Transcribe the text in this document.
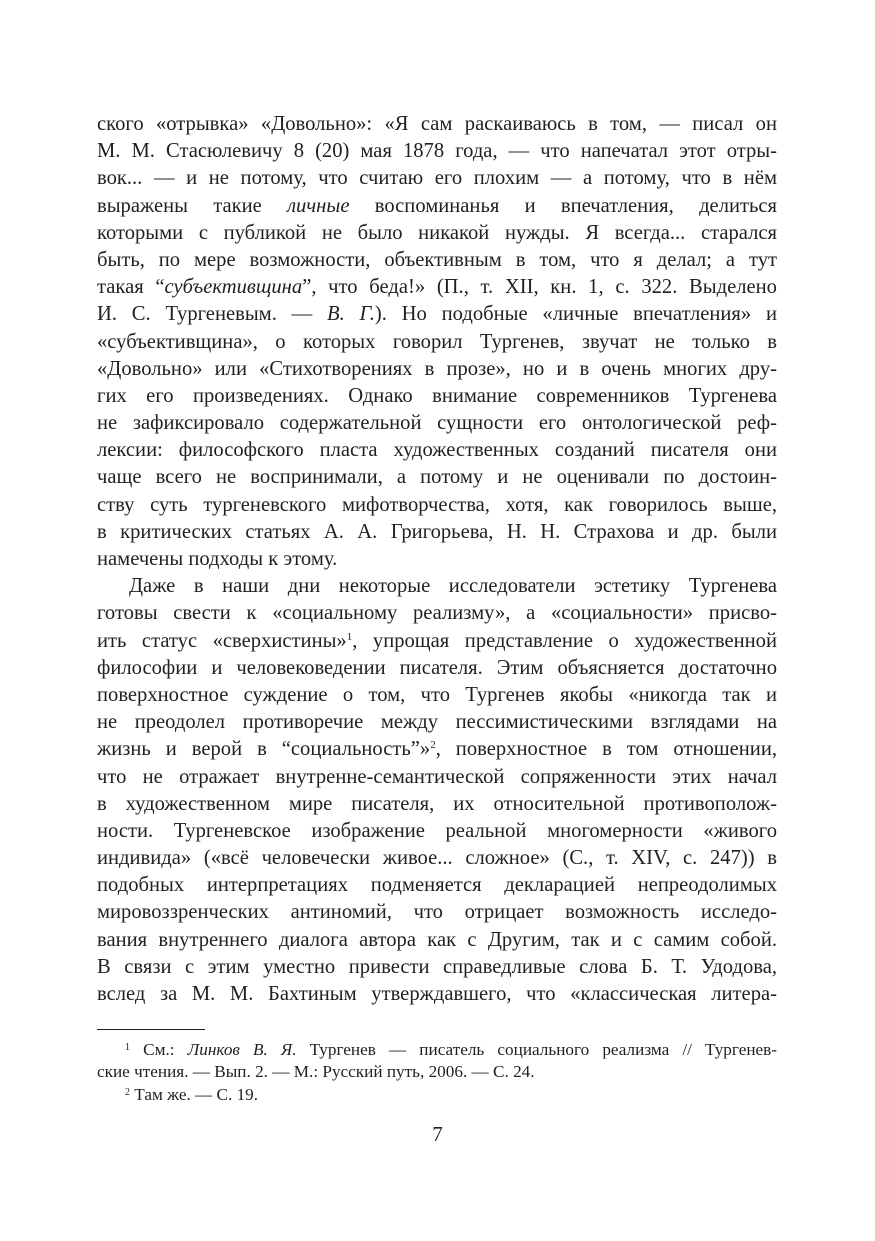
ского «отрывка» «Довольно»: «Я сам раскаиваюсь в том, — писал он
М. М. Стасюлевичу 8 (20) мая 1878 года, — что напечатал этот отры-
вок... — и не потому, что считаю его плохим — а потому, что в нём
выражены такие личные воспоминанья и впечатления, делиться
которыми с публикой не было никакой нужды. Я всегда... старался
быть, по мере возможности, объективным в том, что я делал; а тут
такая “субъективщина”, что беда!» (П., т. XII, кн. 1, с. 322. Выделено
И. С. Тургеневым. — В. Г.). Но подобные «личные впечатления» и
«субъективщина», о которых говорил Тургенев, звучат не только в
«Довольно» или «Стихотворениях в прозе», но и в очень многих дру-
гих его произведениях. Однако внимание современников Тургенева
не зафиксировало содержательной сущности его онтологической реф-
лексии: философского пласта художественных созданий писателя они
чаще всего не воспринимали, а потому и не оценивали по достоин-
ству суть тургеневского мифотворчества, хотя, как говорилось выше,
в критических статьях А. А. Григорьева, Н. Н. Страхова и др. были
намечены подходы к этому.
Даже в наши дни некоторые исследователи эстетику Тургенева
готовы свести к «социальному реализму», а «социальности» присво-
ить статус «сверхистины»$^1$, упрощая представление о художественной
философии и человековедении писателя. Этим объясняется достаточно
поверхностное суждение о том, что Тургенев якобы «никогда так и
не преодолел противоречие между пессимистическими взглядами на
жизнь и верой в “социальность”»$^2$, поверхностное в том отношении,
что не отражает внутренне-семантической сопряженности этих начал
в художественном мире писателя, их относительной противополож-
ности. Тургеневское изображение реальной многомерности «живого
индивида» («всё человечески живое... сложное» (С., т. XIV, с. 247)) в
подобных интерпретациях подменяется декларацией непреодолимых
мировоззренческих антиномий, что отрицает возможность исследо-
вания внутреннего диалога автора как с Другим, так и с самим собой.
В связи с этим уместно привести справедливые слова Б. Т. Удодова,
вслед за М. М. Бахтиным утверждавшего, что «классическая литера-
$^1$ См.: Линков В. Я. Тургенев — писатель социального реализма // Тургенев-
ские чтения. — Вып. 2. — М.: Русский путь, 2006. — С. 24.
$^2$ Там же. — С. 19.
7
